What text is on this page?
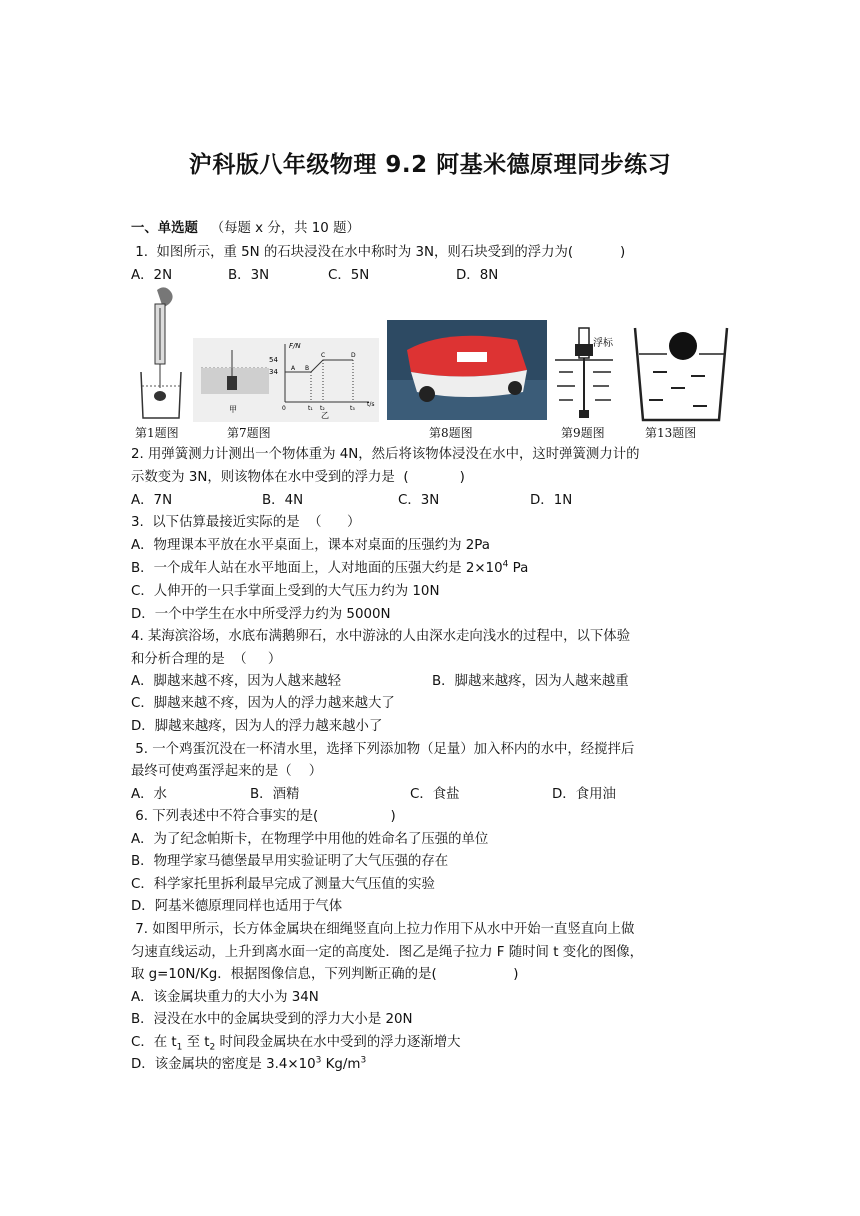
沪科版八年级物理 9.2 阿基米德原理同步练习
一、单选题 （每题 x 分，共 10 题）
1.  如图所示，重 5N 的石块浸没在水中称时为 3N，则石块受到的浮力为(           )
A．2N	B．3N	C．5N	D．8N
第1题图
甲
F/N
54
34 A B
C	D
0	t₁ t₂	t₃
t/s
乙
第7题图	第8题图
浮标
第9题图	第13题图
2. 用弹簧测力计测出一个物体重为 4N，然后将该物体浸没在水中，这时弹簧测力计的
示数变为 3N，则该物体在水中受到的浮力是  (            )
A．7N	B．4N	C．3N	D．1N
3.  以下估算最接近实际的是  （      ）
A．物理课本平放在水平桌面上，课本对桌面的压强约为 2Pa
B．一个成年人站在水平地面上，人对地面的压强大约是 $2\times 10^4$ Pa
C．人伸开的一只手掌面上受到的大气压力约为 10N
D．一个中学生在水中所受浮力约为 5000N
4. 某海滨浴场，水底布满鹅卵石，水中游泳的人由深水走向浅水的过程中，以下体验
和分析合理的是  （     ）
A．脚越来越不疼，因为人越来越轻	B．脚越来越疼，因为人越来越重
C．脚越来越不疼，因为人的浮力越来越大了
D．脚越来越疼，因为人的浮力越来越小了
5. 一个鸡蛋沉没在一杯清水里，选择下列添加物（足量）加入杯内的水中，经搅拌后
最终可使鸡蛋浮起来的是（    ）
A．水	B．酒精	C．食盐	D．食用油
6. 下列表述中不符合事实的是(                 )
A．为了纪念帕斯卡，在物理学中用他的姓命名了压强的单位
B．物理学家马德堡最早用实验证明了大气压强的存在
C．科学家托里拆利最早完成了测量大气压值的实验
D．阿基米德原理同样也适用于气体
7. 如图甲所示，长方体金属块在细绳竖直向上拉力作用下从水中开始一直竖直向上做
匀速直线运动，上升到离水面一定的高度处．图乙是绳子拉力 F 随时间 t 变化的图像，
取 g=10N/Kg．根据图像信息，下列判断正确的是(                  )
A．该金属块重力的大小为 34N
B．浸没在水中的金属块受到的浮力大小是 20N
C．在 $t_1$ 至 $t_2$ 时间段金属块在水中受到的浮力逐渐增大
D．该金属块的密度是 $3.4\times 10^3$ $Kg/m^3$
